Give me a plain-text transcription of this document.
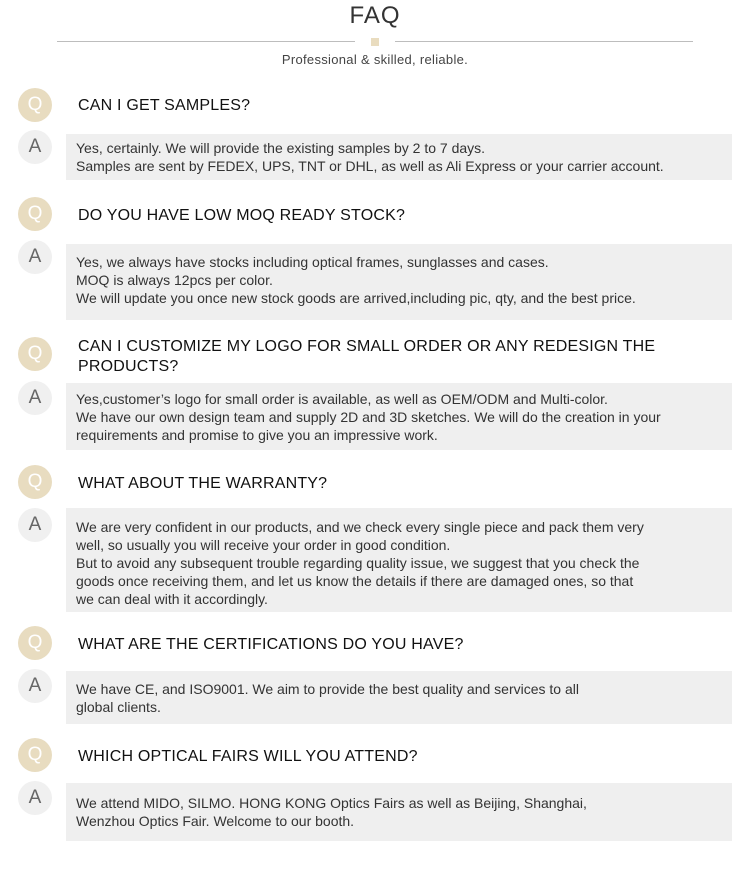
FAQ
Professional & skilled, reliable.
Q	CAN I GET SAMPLES?
A	Yes, certainly. We will provide the existing samples by 2 to 7 days.
Samples are sent by FEDEX, UPS, TNT or DHL, as well as Ali Express or your carrier account.
Q	DO YOU HAVE LOW MOQ READY STOCK?
A	Yes, we always have stocks including optical frames, sunglasses and cases.
MOQ is always 12pcs per color.
We will update you once new stock goods are arrived,including pic, qty, and the best price.
Q	CAN I CUSTOMIZE MY LOGO FOR SMALL ORDER OR ANY REDESIGN THE PRODUCTS?
A	Yes,customer’s logo for small order is available, as well as OEM/ODM and Multi-color.
We have our own design team and supply 2D and 3D sketches. We will do the creation in your
requirements and promise to give you an impressive work.
Q	WHAT ABOUT THE WARRANTY?
A	We are very confident in our products, and we check every single piece and pack them very
well, so usually you will receive your order in good condition.
But to avoid any subsequent trouble regarding quality issue, we suggest that you check the
goods once receiving them, and let us know the details if there are damaged ones, so that
we can deal with it accordingly.
Q	WHAT ARE THE CERTIFICATIONS DO YOU HAVE?
A	We have CE, and ISO9001. We aim to provide the best quality and services to all
global clients.
Q	WHICH OPTICAL FAIRS WILL YOU ATTEND?
A	We attend MIDO, SILMO. HONG KONG Optics Fairs as well as Beijing, Shanghai,
Wenzhou Optics Fair. Welcome to our booth.
